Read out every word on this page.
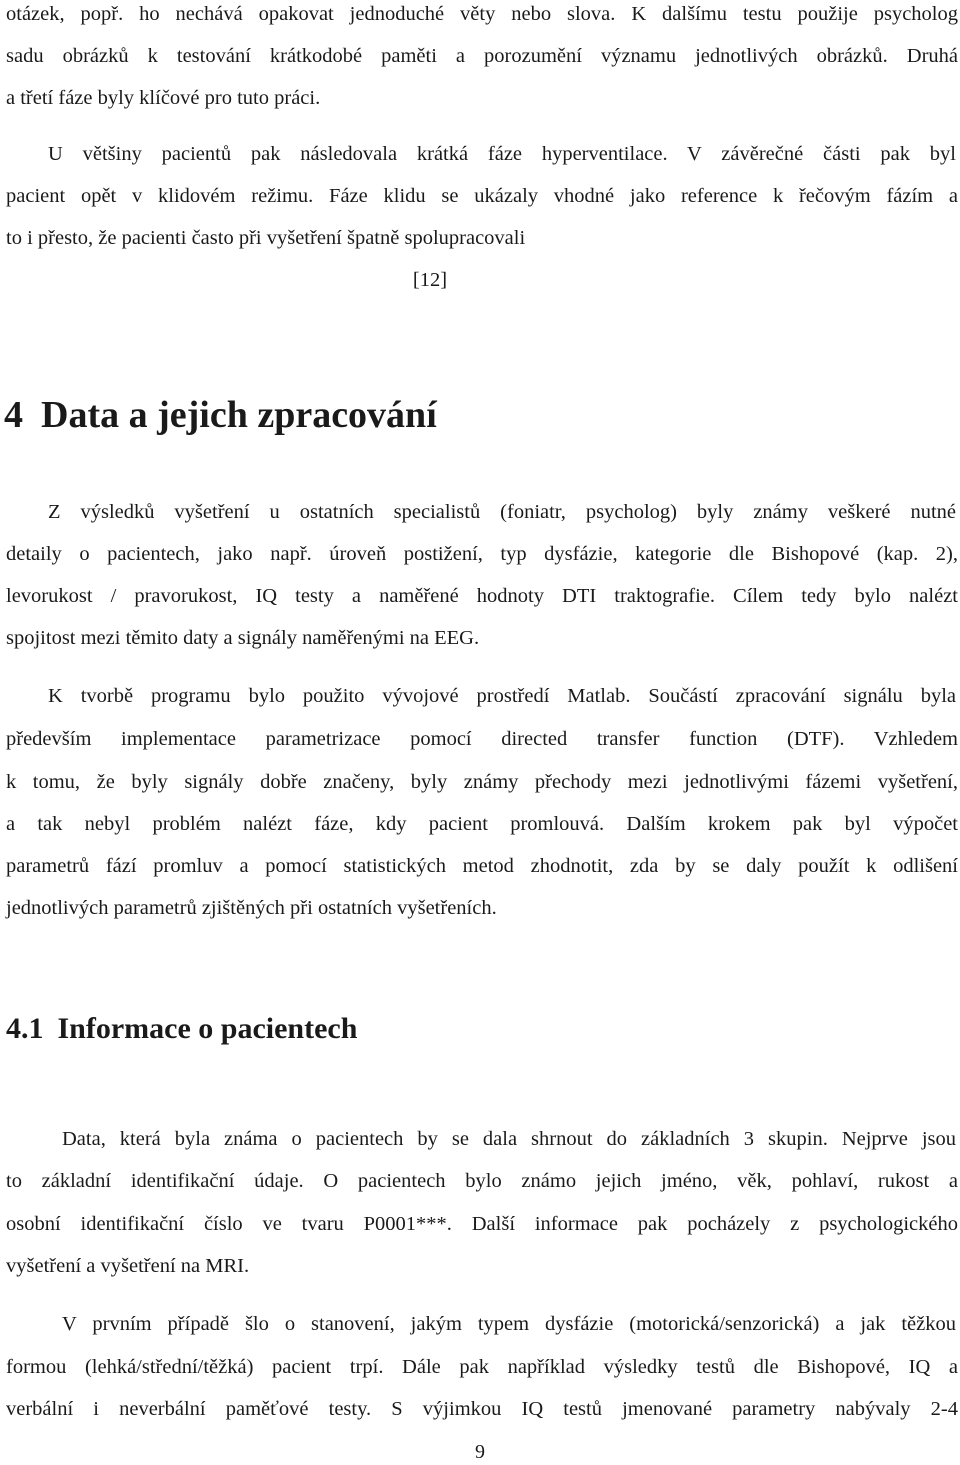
otázek, popř. ho nechává opakovat jednoduché věty nebo slova. K dalšímu testu použije psycholog
sadu obrázků k testování krátkodobé paměti a porozumění významu jednotlivých obrázků. Druhá
a třetí fáze byly klíčové pro tuto práci.
U většiny pacientů pak následovala krátká fáze hyperventilace. V závěrečné části pak byl
pacient opět v klidovém režimu. Fáze klidu se ukázaly vhodné jako reference k řečovým fázím a
to i přesto, že pacienti často při vyšetření špatně spolupracovali
[12]
4 Data a jejich zpracování
Z výsledků vyšetření u ostatních specialistů (foniatr, psycholog) byly známy veškeré nutné
detaily o pacientech, jako např. úroveň postižení, typ dysfázie, kategorie dle Bishopové (kap. 2),
levorukost / pravorukost, IQ testy a naměřené hodnoty DTI traktografie. Cílem tedy bylo nalézt
spojitost mezi těmito daty a signály naměřenými na EEG.
K tvorbě programu bylo použito vývojové prostředí Matlab. Součástí zpracování signálu byla
především implementace parametrizace pomocí directed transfer function (DTF). Vzhledem
k tomu, že byly signály dobře značeny, byly známy přechody mezi jednotlivými fázemi vyšetření,
a tak nebyl problém nalézt fáze, kdy pacient promlouvá. Dalším krokem pak byl výpočet
parametrů fází promluv a pomocí statistických metod zhodnotit, zda by se daly použít k odlišení
jednotlivých parametrů zjištěných při ostatních vyšetřeních.
4.1 Informace o pacientech
Data, která byla známa o pacientech by se dala shrnout do základních 3 skupin. Nejprve jsou
to základní identifikační údaje. O pacientech bylo známo jejich jméno, věk, pohlaví, rukost a
osobní identifikační číslo ve tvaru P0001***. Další informace pak pocházely z psychologického
vyšetření a vyšetření na MRI.
V prvním případě šlo o stanovení, jakým typem dysfázie (motorická/senzorická) a jak těžkou
formou (lehká/střední/těžká) pacient trpí. Dále pak například výsledky testů dle Bishopové, IQ a
verbální i neverbální paměťové testy. S výjimkou IQ testů jmenované parametry nabývaly 2-4
9
